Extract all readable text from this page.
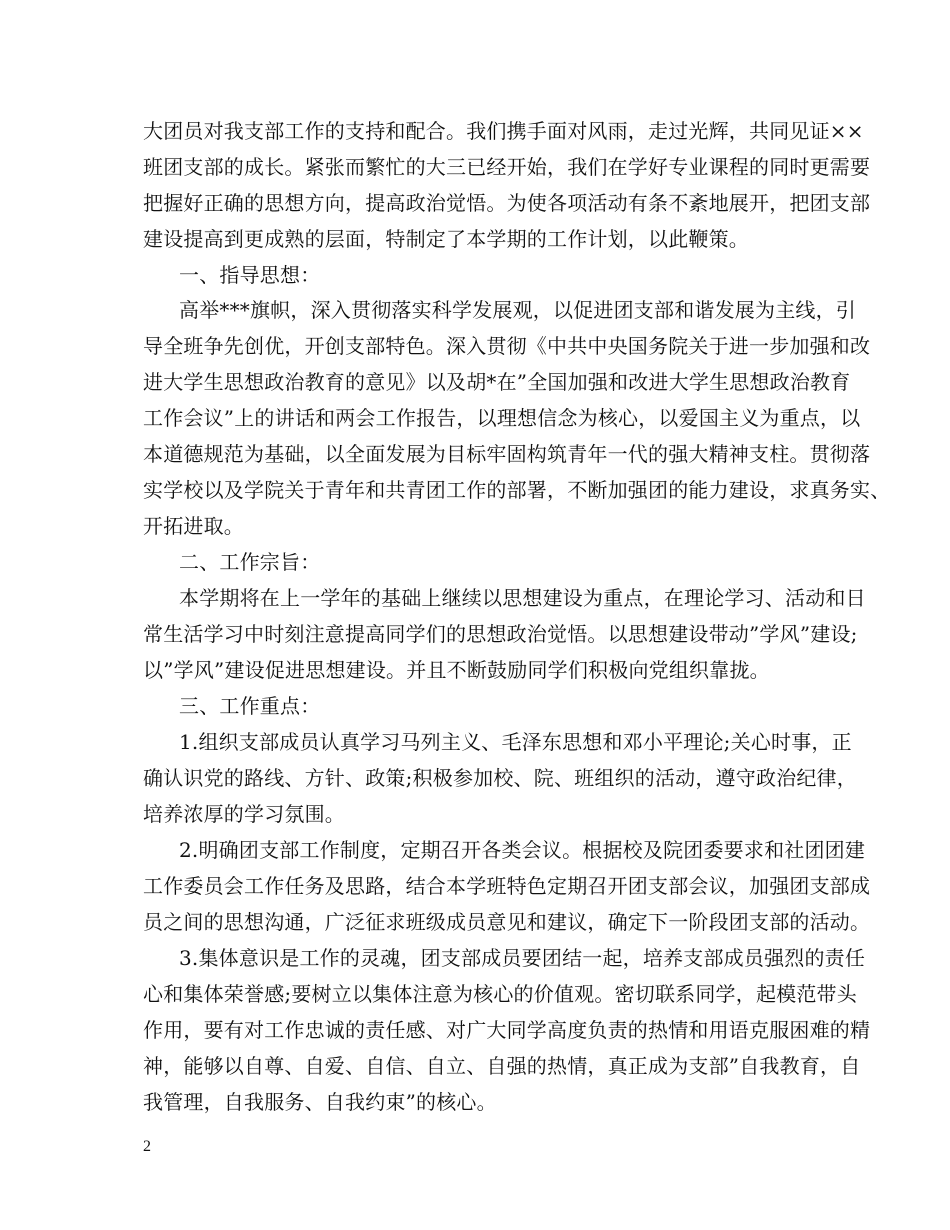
大团员对我支部工作的支持和配合。我们携手面对风雨，走过光辉，共同见证××
班团支部的成长。紧张而繁忙的大三已经开始，我们在学好专业课程的同时更需要
把握好正确的思想方向，提高政治觉悟。为使各项活动有条不紊地展开，把团支部
建设提高到更成熟的层面，特制定了本学期的工作计划，以此鞭策。
一、指导思想：
高举***旗帜，深入贯彻落实科学发展观，以促进团支部和谐发展为主线，引
导全班争先创优，开创支部特色。深入贯彻《中共中央国务院关于进一步加强和改
进大学生思想政治教育的意见》以及胡*在”全国加强和改进大学生思想政治教育
工作会议”上的讲话和两会工作报告，以理想信念为核心，以爱国主义为重点，以
本道德规范为基础，以全面发展为目标牢固构筑青年一代的强大精神支柱。贯彻落
实学校以及学院关于青年和共青团工作的部署，不断加强团的能力建设，求真务实、
开拓进取。
二、工作宗旨：
本学期将在上一学年的基础上继续以思想建设为重点，在理论学习、活动和日
常生活学习中时刻注意提高同学们的思想政治觉悟。以思想建设带动”学风”建设;
以”学风”建设促进思想建设。并且不断鼓励同学们积极向党组织靠拢。
三、工作重点：
1.组织支部成员认真学习马列主义、毛泽东思想和邓小平理论;关心时事，正
确认识党的路线、方针、政策;积极参加校、院、班组织的活动，遵守政治纪律，
培养浓厚的学习氛围。
2.明确团支部工作制度，定期召开各类会议。根据校及院团委要求和社团团建
工作委员会工作任务及思路，结合本学班特色定期召开团支部会议，加强团支部成
员之间的思想沟通，广泛征求班级成员意见和建议，确定下一阶段团支部的活动。
3.集体意识是工作的灵魂，团支部成员要团结一起，培养支部成员强烈的责任
心和集体荣誉感;要树立以集体注意为核心的价值观。密切联系同学，起模范带头
作用，要有对工作忠诚的责任感、对广大同学高度负责的热情和用语克服困难的精
神，能够以自尊、自爱、自信、自立、自强的热情，真正成为支部”自我教育，自
我管理，自我服务、自我约束”的核心。
2
